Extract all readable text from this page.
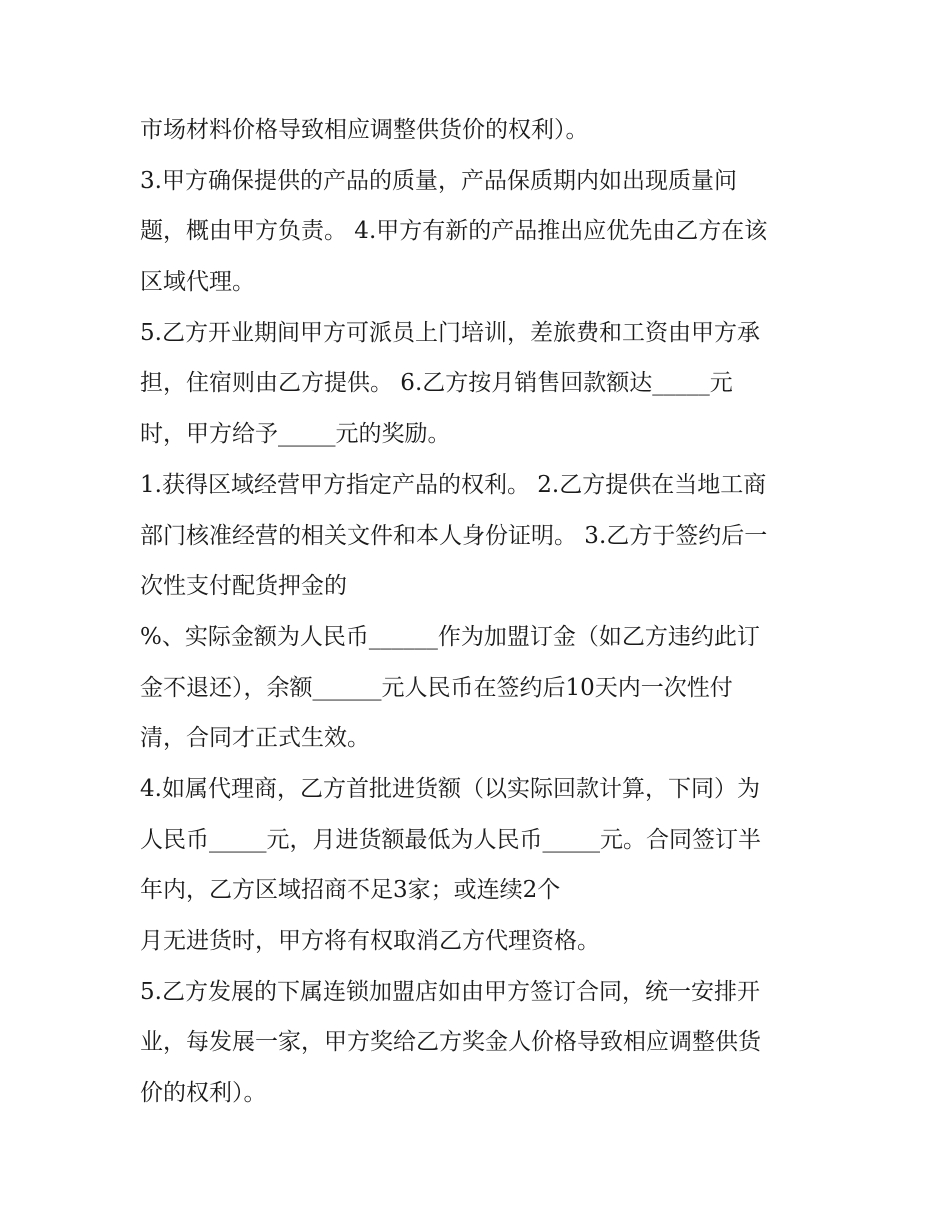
市场材料价格导致相应调整供货价的权利）。
3.甲方确保提供的产品的质量，产品保质期内如出现质量问
题，概由甲方负责。 4.甲方有新的产品推出应优先由乙方在该
区域代理。
5.乙方开业期间甲方可派员上门培训，差旅费和工资由甲方承
担，住宿则由乙方提供。 6.乙方按月销售回款额达_____元
时，甲方给予_____元的奖励。
1.获得区域经营甲方指定产品的权利。 2.乙方提供在当地工商
部门核准经营的相关文件和本人身份证明。 3.乙方于签约后一
次性支付配货押金的
%、实际金额为人民币______作为加盟订金（如乙方违约此订
金不退还），余额______元人民币在签约后10天内一次性付
清，合同才正式生效。
4.如属代理商，乙方首批进货额（以实际回款计算，下同）为
人民币_____元，月进货额最低为人民币_____元。合同签订半
年内，乙方区域招商不足3家；或连续2个
月无进货时，甲方将有权取消乙方代理资格。
5.乙方发展的下属连锁加盟店如由甲方签订合同，统一安排开
业，每发展一家，甲方奖给乙方奖金人价格导致相应调整供货
价的权利）。
